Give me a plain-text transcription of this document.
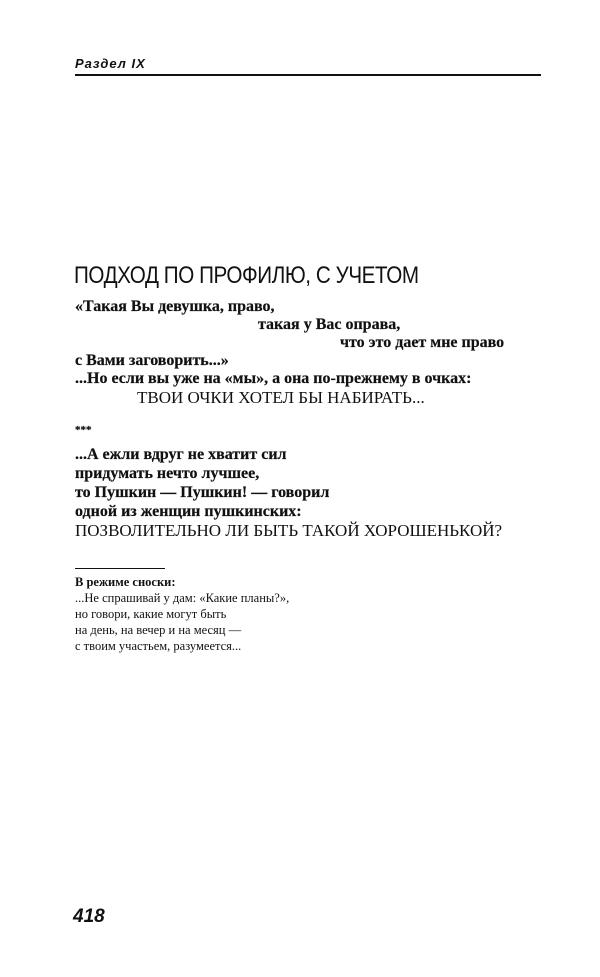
Раздел IX
ПОДХОД ПО ПРОФИЛЮ, С УЧЕТОМ
«Такая Вы девушка, право,
такая у Вас оправа,
что это дает мне право
с Вами заговорить...»
...Но если вы уже на «мы», а она по-прежнему в очках:
ТВОИ ОЧКИ ХОТЕЛ БЫ НАБИРАТЬ...
***
...А ежли вдруг не хватит сил
придумать нечто лучшее,
то Пушкин — Пушкин! — говорил
одной из женщин пушкинских:
ПОЗВОЛИТЕЛЬНО ЛИ БЫТЬ ТАКОЙ ХОРОШЕНЬКОЙ?
В режиме сноски:
...Не спрашивай у дам: «Какие планы?»,
но говори, какие могут быть
на день, на вечер и на месяц —
с твоим участьем, разумеется...
418
